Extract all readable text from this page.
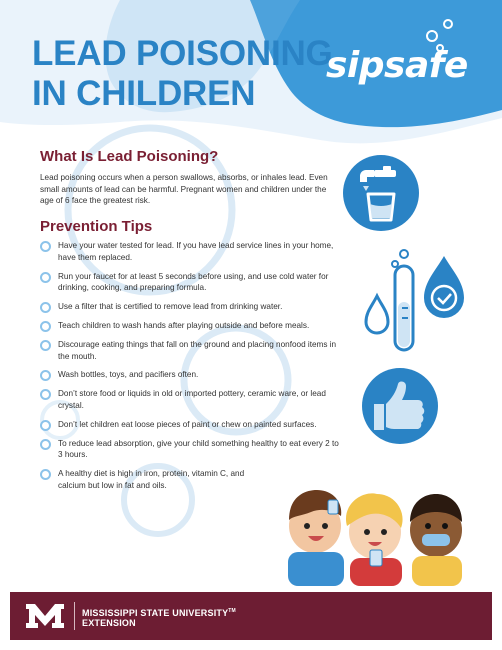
LEAD POISONING
IN CHILDREN
sipsafe
What Is Lead Poisoning?

Lead poisoning occurs when a person swallows, absorbs, or inhales lead. Even small amounts of lead can be harmful. Pregnant women and children under the age of 6 face the greatest risk.

Prevention Tips
Have your water tested for lead. If you have lead service lines in your home, have them replaced.
Run your faucet for at least 5 seconds before using, and use cold water for drinking, cooking, and preparing formula.
Use a filter that is certified to remove lead from drinking water.
Teach children to wash hands after playing outside and before meals.
Discourage eating things that fall on the ground and placing nonfood items in the mouth.
Wash bottles, toys, and pacifiers often.
Don’t store food or liquids in old or imported pottery, ceramic ware, or lead crystal.
Don’t let children eat loose pieces of paint or chew on painted surfaces.
To reduce lead absorption, give your child something healthy to eat every 2 to 3 hours.
A healthy diet is high in iron, protein, vitamin C, and calcium but low in fat and oils.
MISSISSIPPI STATE UNIVERSITY™
EXTENSION
